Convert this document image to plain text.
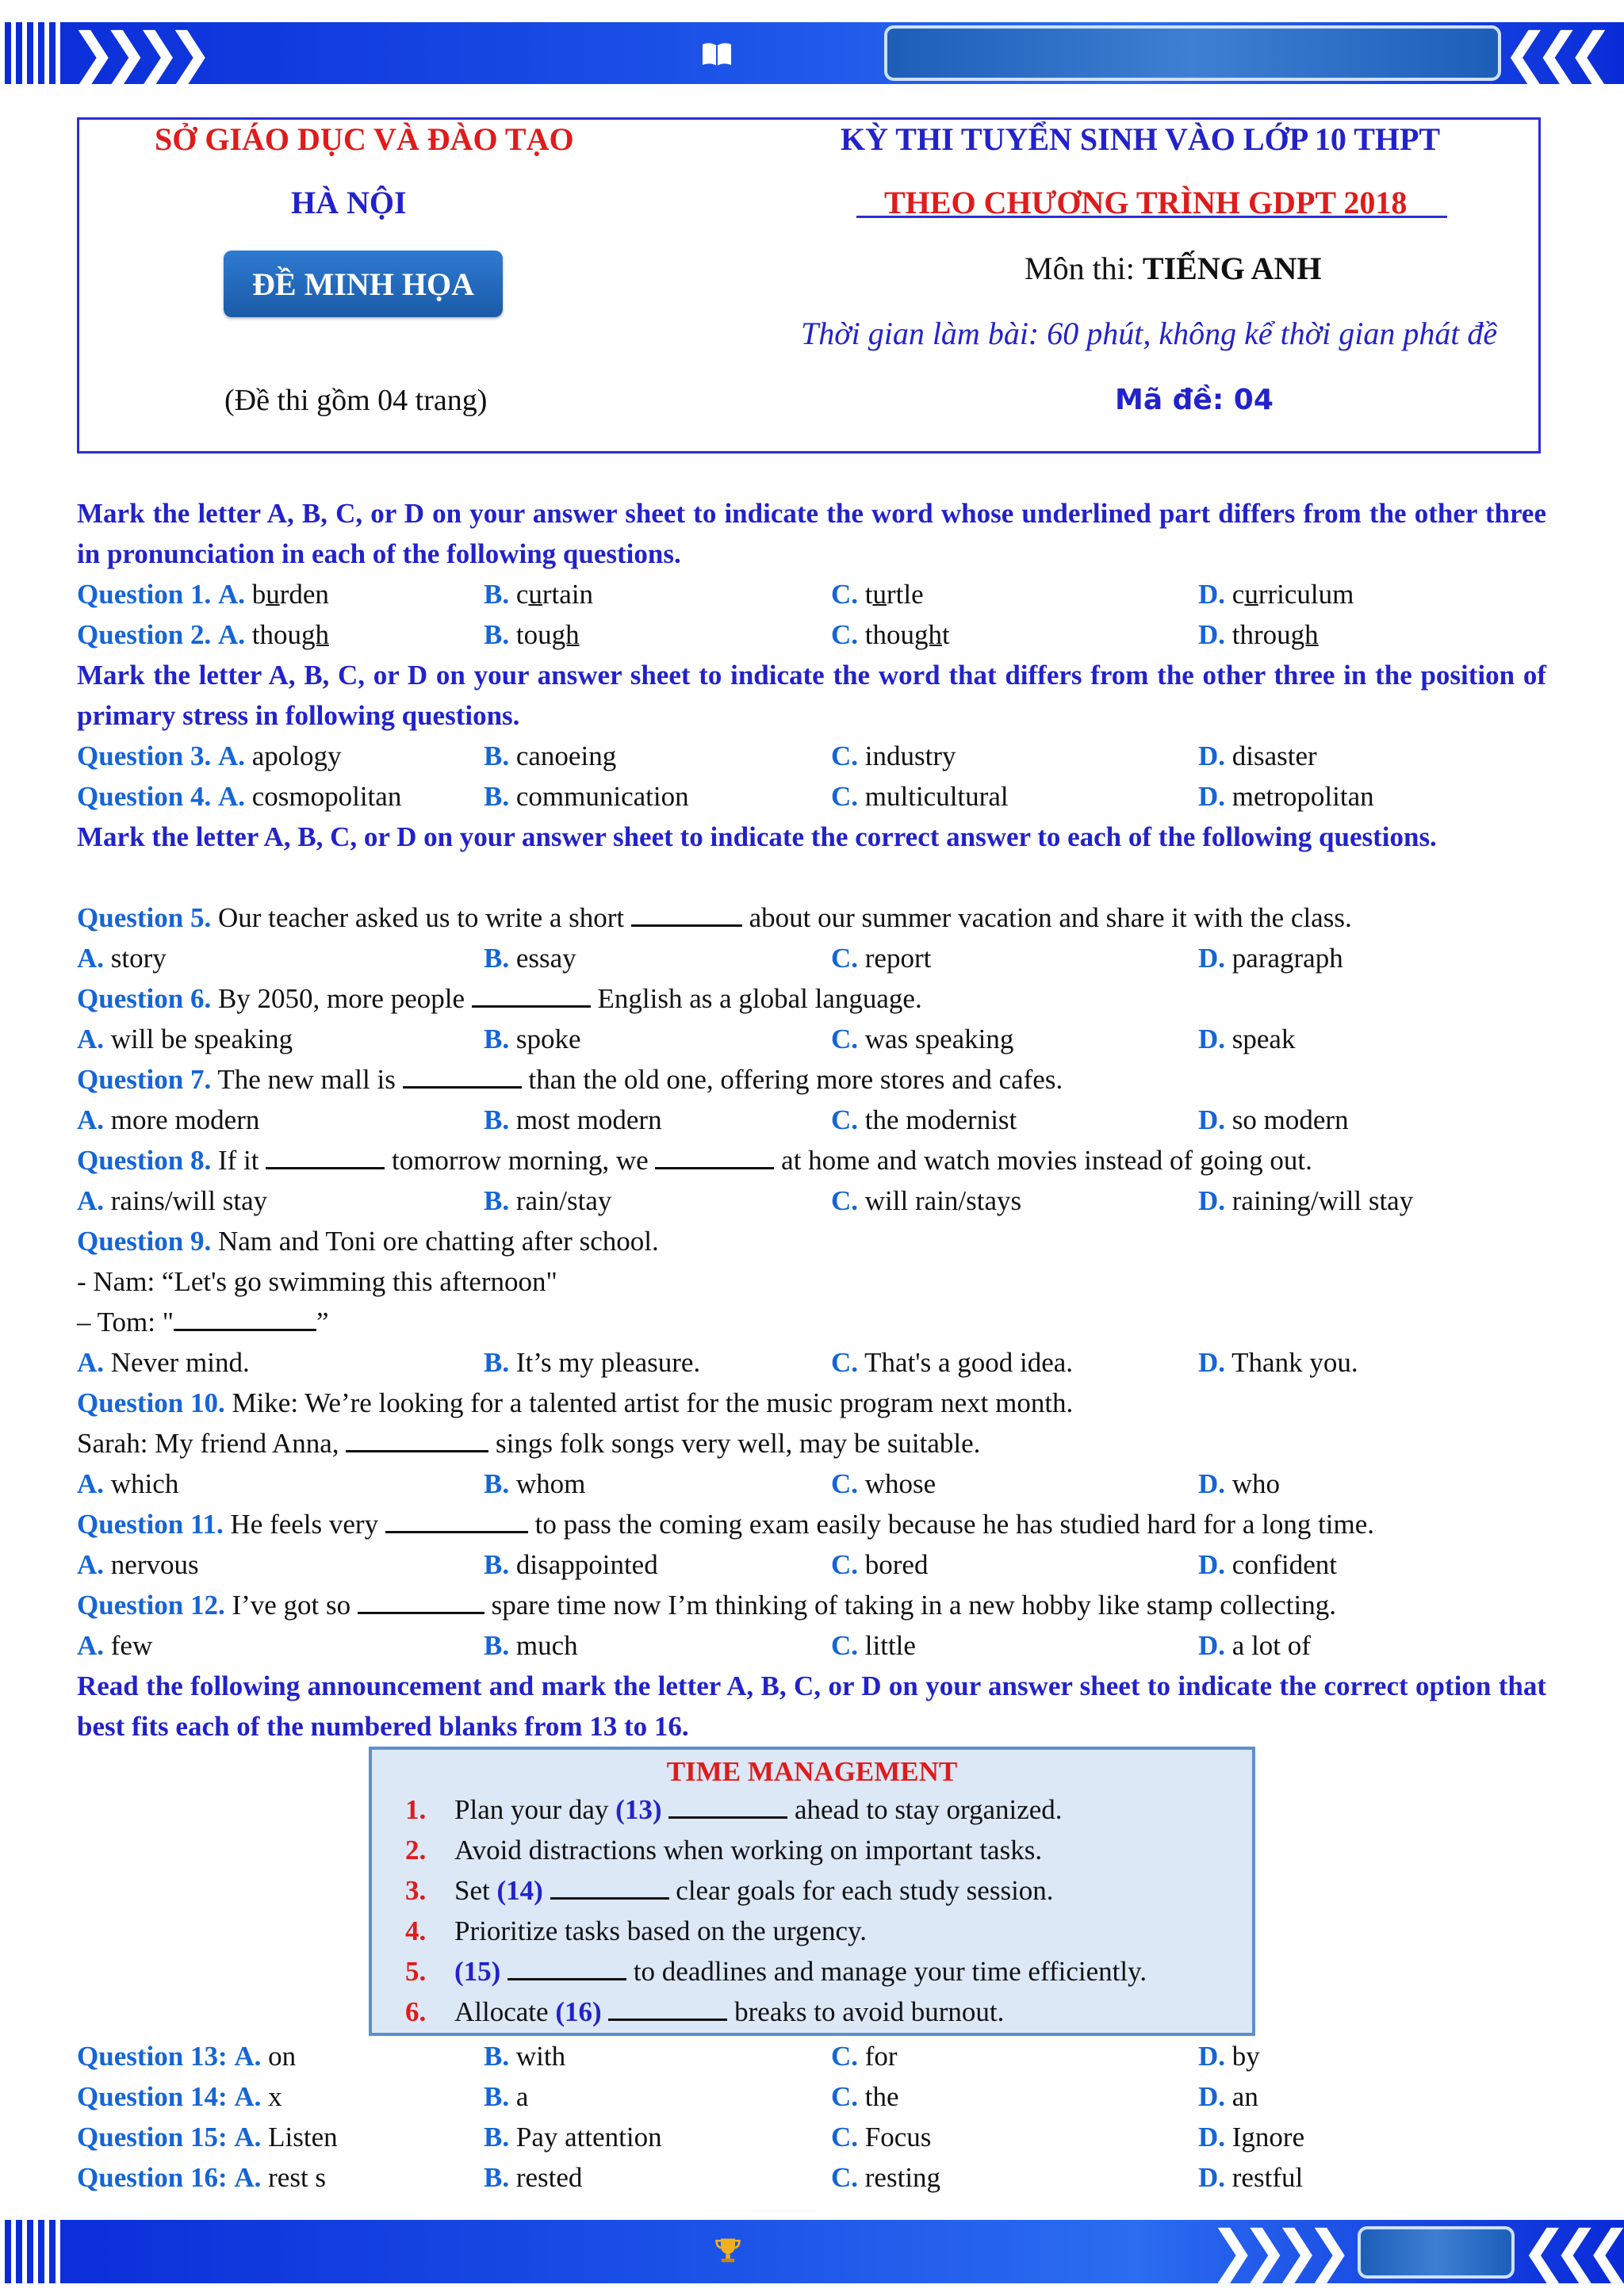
❯❯❯❯	❮❮❮
SỞ GIÁO DỤC VÀ ĐÀO TẠO
HÀ NỘI
ĐỀ MINH HỌA
(Đề thi gồm 04 trang)
KỲ THI TUYỂN SINH VÀO LỚP 10 THPT
THEO CHƯƠNG TRÌNH GDPT 2018
Môn thi: TIẾNG ANH
Thời gian làm bài: 60 phút, không kể thời gian phát đề
Mã đề: 04
Mark the letter A, B, C, or D on your answer sheet to indicate the word whose underlined part differs from the other three in pronunciation in each of the following questions.
Question 1. A. burden	B. curtain	C. turtle	D. curriculum
Question 2. A. though	B. tough	C. thought	D. through
Mark the letter A, B, C, or D on your answer sheet to indicate the word that differs from the other three in the position of primary stress in following questions.
Question 3. A. apology	B. canoeing	C. industry	D. disaster
Question 4. A. cosmopolitan	B. communication	C. multicultural	D. metropolitan
Mark the letter A, B, C, or D on your answer sheet to indicate the correct answer to each of the following questions.
Question 5. Our teacher asked us to write a short	about our summer vacation and share it with the class.
A. story	B. essay	C. report	D. paragraph
Question 6. By 2050, more people	English as a global language.
A. will be speaking	B. spoke	C. was speaking	D. speak
Question 7. The new mall is	than the old one, offering more stores and cafes.
A. more modern	B. most modern	C. the modernist	D. so modern
Question 8. If it	tomorrow morning, we	at home and watch movies instead of going out.
A. rains/will stay	B. rain/stay	C. will rain/stays	D. raining/will stay
Question 9. Nam and Toni ore chatting after school.
- Nam: “Let's go swimming this afternoon"
– Tom: "	”
A. Never mind.	B. It’s my pleasure.	C. That's a good idea.	D. Thank you.
Question 10. Mike: We’re looking for a talented artist for the music program next month.
Sarah: My friend Anna,	sings folk songs very well, may be suitable.
A. which	B. whom	C. whose	D. who
Question 11. He feels very	to pass the coming exam easily because he has studied hard for a long time.
A. nervous	B. disappointed	C. bored	D. confident
Question 12. I’ve got so	spare time now I’m thinking of taking in a new hobby like stamp collecting.
A. few	B. much	C. little	D. a lot of
Read the following announcement and mark the letter A, B, C, or D on your answer sheet to indicate the correct option that best fits each of the numbered blanks from 13 to 16.
TIME MANAGEMENT
1. Plan your day (13)	ahead to stay organized.
2. Avoid distractions when working on important tasks.
3. Set (14)	clear goals for each study session.
4. Prioritize tasks based on the urgency.
5. (15)	to deadlines and manage your time efficiently.
6. Allocate (16)	breaks to avoid burnout.
Question 13: A. on	B. with	C. for	D. by
Question 14: A. x	B. a	C. the	D. an
Question 15: A. Listen	B. Pay attention	C. Focus	D. Ignore
Question 16: A. rest s	B. rested	C. resting	D. restful
❯❯❯❯	❮❮❮
